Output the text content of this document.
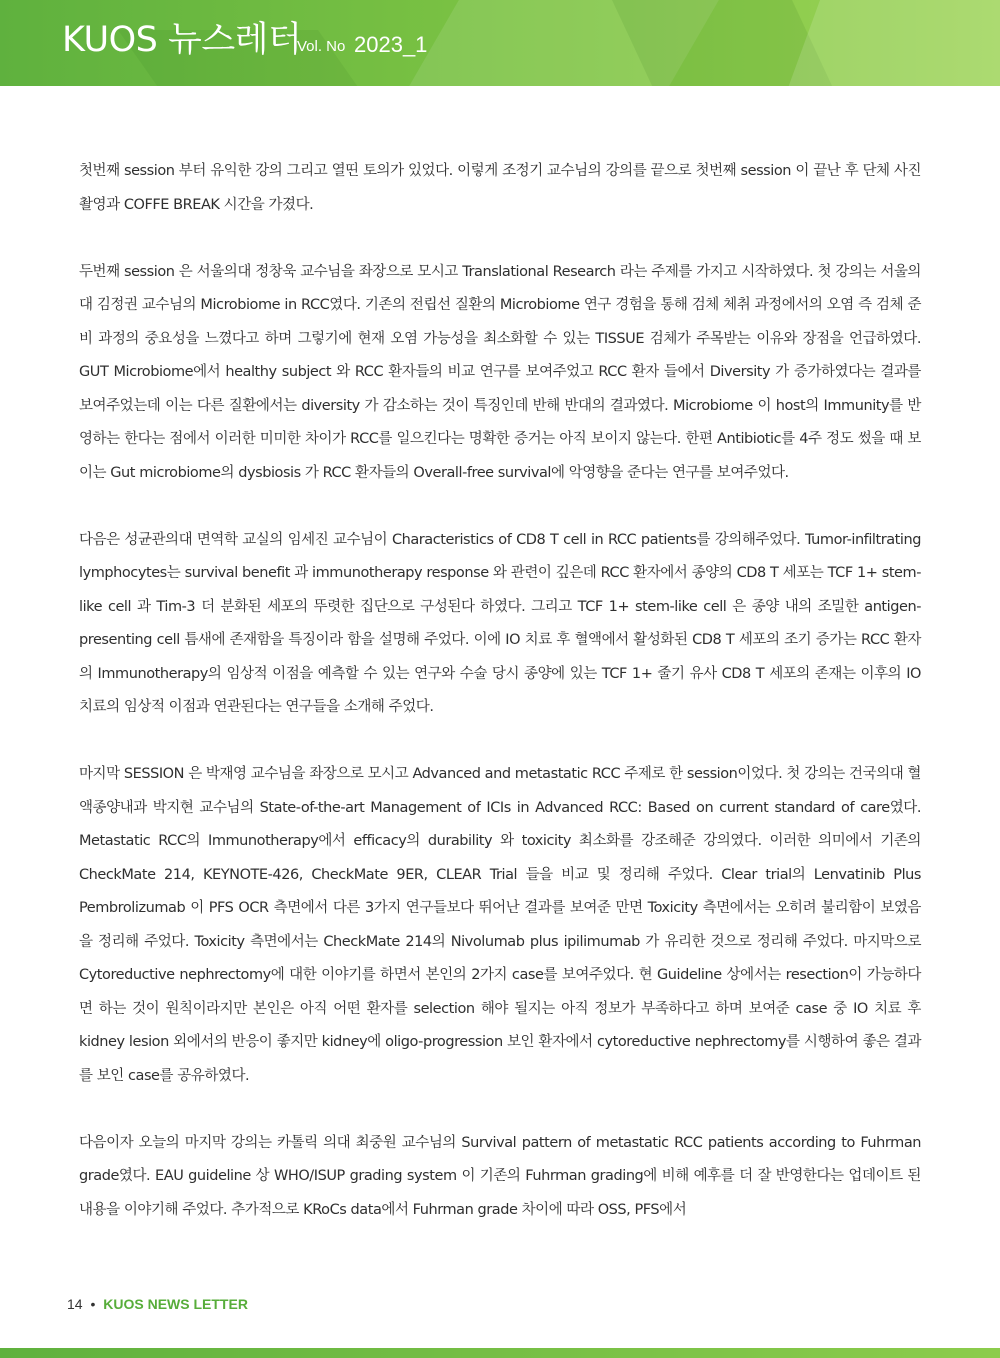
KUOS 뉴스레터
Vol. No 2023_1

첫번째 session 부터 유익한 강의 그리고 열띤 토의가 있었다. 이렇게 조정기 교수님의 강의를 끝으로 첫번째 session 이 끝난 후 단체 사진 촬영과 COFFE BREAK 시간을 가졌다.

두번째 session 은 서울의대 정창욱 교수님을 좌장으로 모시고 Translational Research 라는 주제를 가지고 시작하였다. 첫 강의는 서울의대 김정권 교수님의 Microbiome in RCC였다. 기존의 전립선 질환의 Microbiome 연구 경험을 통해 검체 체취 과정에서의 오염 즉 검체 준비 과정의 중요성을 느꼈다고 하며 그렇기에 현재 오염 가능성을 최소화할 수 있는 TISSUE 검체가 주목받는 이유와 장점을 언급하였다. GUT Microbiome에서 healthy subject 와 RCC 환자들의 비교 연구를 보여주었고 RCC 환자 들에서 Diversity 가 증가하였다는 결과를 보여주었는데 이는 다른 질환에서는 diversity 가 감소하는 것이 특징인데 반해 반대의 결과였다. Microbiome 이 host의 Immunity를 반영하는 한다는 점에서 이러한 미미한 차이가 RCC를 일으킨다는 명확한 증거는 아직 보이지 않는다. 한편 Antibiotic를 4주 정도 썼을 때 보이는 Gut microbiome의 dysbiosis 가 RCC 환자들의 Overall-free survival에 악영향을 준다는 연구를 보여주었다.

다음은 성균관의대 면역학 교실의 임세진 교수님이 Characteristics of CD8 T cell in RCC patients를 강의해주었다. Tumor-infiltrating lymphocytes는 survival benefit 과 immunotherapy response 와 관련이 깊은데 RCC 환자에서 종양의 CD8 T 세포는 TCF 1+ stem-like cell 과 Tim-3 더 분화된 세포의 뚜렷한 집단으로 구성된다 하였다. 그리고 TCF 1+ stem-like cell 은 종양 내의 조밀한 antigen-presenting cell 틈새에 존재함을 특징이라 함을 설명해 주었다. 이에 IO 치료 후 혈액에서 활성화된 CD8 T 세포의 조기 증가는 RCC 환자의 Immunotherapy의 임상적 이점을 예측할 수 있는 연구와 수술 당시 종양에 있는 TCF 1+ 줄기 유사 CD8 T 세포의 존재는 이후의 IO 치료의 임상적 이점과 연관된다는 연구들을 소개해 주었다.

마지막 SESSION 은 박재영 교수님을 좌장으로 모시고 Advanced and metastatic RCC 주제로 한 session이었다. 첫 강의는 건국의대 혈액종양내과 박지현 교수님의 State-of-the-art Management of ICIs in Advanced RCC: Based on current standard of care였다. Metastatic RCC의 Immunotherapy에서 efficacy의 durability 와 toxicity 최소화를 강조해준 강의였다. 이러한 의미에서 기존의 CheckMate 214, KEYNOTE-426, CheckMate 9ER, CLEAR Trial 들을 비교 및 정리해 주었다. Clear trial의 Lenvatinib Plus Pembrolizumab 이 PFS OCR 측면에서 다른 3가지 연구들보다 뛰어난 결과를 보여준 만면 Toxicity 측면에서는 오히려 불리함이 보였음을 정리해 주었다. Toxicity 측면에서는 CheckMate 214의 Nivolumab plus ipilimumab 가 유리한 것으로 정리해 주었다. 마지막으로 Cytoreductive nephrectomy에 대한 이야기를 하면서 본인의 2가지 case를 보여주었다. 현 Guideline 상에서는 resection이 가능하다면 하는 것이 원칙이라지만 본인은 아직 어떤 환자를 selection 해야 될지는 아직 정보가 부족하다고 하며 보여준 case 중 IO 치료 후 kidney lesion 외에서의 반응이 좋지만 kidney에 oligo-progression 보인 환자에서 cytoreductive nephrectomy를 시행하여 좋은 결과를 보인 case를 공유하였다.

다음이자 오늘의 마지막 강의는 카톨릭 의대 최중원 교수님의 Survival pattern of metastatic RCC patients according to Fuhrman grade였다. EAU guideline 상 WHO/ISUP grading system 이 기존의 Fuhrman grading에 비해 예후를 더 잘 반영한다는 업데이트 된 내용을 이야기해 주었다. 추가적으로 KRoCs data에서 Fuhrman grade 차이에 따라 OSS, PFS에서

14 • KUOS NEWS LETTER
